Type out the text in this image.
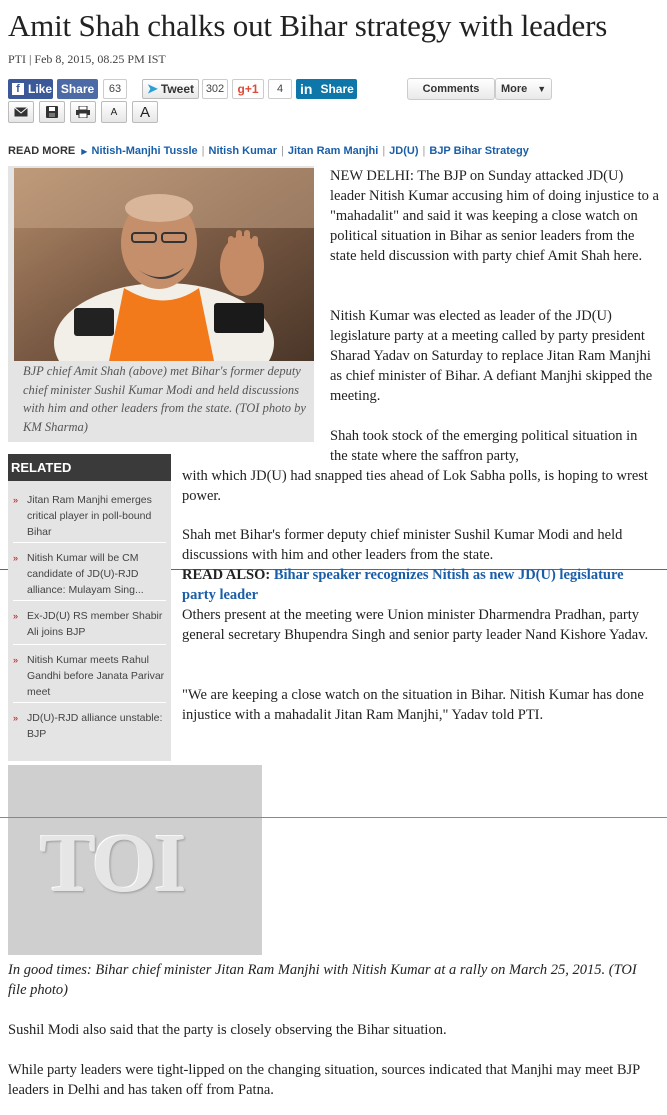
Amit Shah chalks out Bihar strategy with leaders
PTI | Feb 8, 2015, 08.25 PM IST
f Like Share	63	➤ Tweet	302	g+1	4	in Share	Comments More ▼
A A
READ MORE ▶ Nitish-Manjhi Tussle | Nitish Kumar | Jitan Ram Manjhi | JD(U) | BJP Bihar Strategy
BJP chief Amit Shah (above) met Bihar's former deputy chief minister Sushil Kumar Modi and held discussions with him and other leaders from the state. (TOI photo by KM Sharma)

NEW DELHI: The BJP on Sunday attacked JD(U) leader Nitish Kumar accusing him of doing injustice to a "mahadalit" and said it was keeping a close watch on political situation in Bihar as senior leaders from the state held discussion with party chief Amit Shah here.

Nitish Kumar was elected as leader of the JD(U) legislature party at a meeting called by party president Sharad Yadav on Saturday to replace Jitan Ram Manjhi as chief minister of Bihar. A defiant Manjhi skipped the meeting.

Shah took stock of the emerging political situation in the state where the saffron party,

with which JD(U) had snapped ties ahead of Lok Sabha polls, is hoping to wrest power.

Shah met Bihar's former deputy chief minister Sushil Kumar Modi and held discussions with him and other leaders from the state.

READ ALSO: Bihar speaker recognizes Nitish as new JD(U) legislature party leader

Others present at the meeting were Union minister Dharmendra Pradhan, party general secretary Bhupendra Singh and senior party leader Nand Kishore Yadav.

"We are keeping a close watch on the situation in Bihar. Nitish Kumar has done injustice with a mahadalit Jitan Ram Manjhi," Yadav told PTI.

RELATED
» Jitan Ram Manjhi emerges critical player in poll-bound Bihar
» Nitish Kumar will be CM candidate of JD(U)-RJD alliance: Mulayam Sing...
» Ex-JD(U) RS member Shabir Ali joins BJP
» Nitish Kumar meets Rahul Gandhi before Janata Parivar meet
» JD(U)-RJD alliance unstable: BJP
TOI
In good times: Bihar chief minister Jitan Ram Manjhi with Nitish Kumar at a rally on March 25, 2015. (TOI file photo)

Sushil Modi also said that the party is closely observing the Bihar situation.

While party leaders were tight-lipped on the changing situation, sources indicated that Manjhi may meet BJP leaders in Delhi and has taken off from Patna.
